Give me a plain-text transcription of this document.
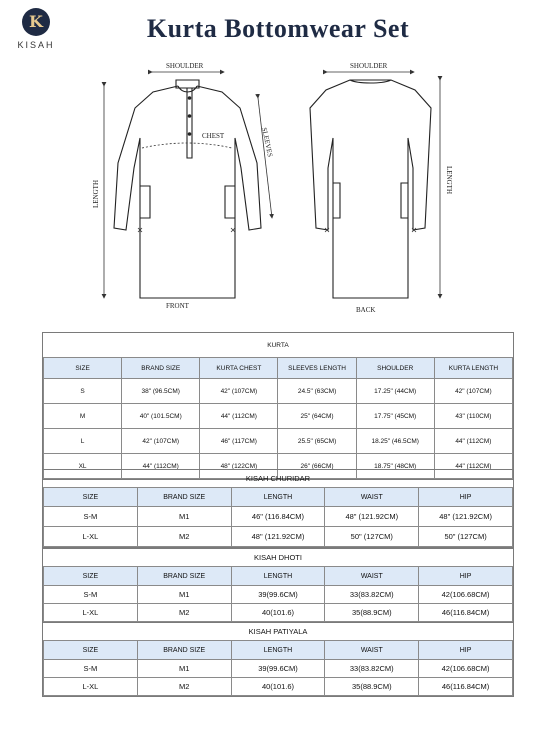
K
KISAH
Kurta Bottomwear Set
SHOULDER
CHEST	SLEEVES
LENGTH
FRONT
SHOULDER
LENGTH
BACK
KURTA					
SIZE	BRAND SIZE	KURTA CHEST	SLEEVES LENGTH	SHOULDER	KURTA LENGTH
S	38" (96.5CM)	42" (107CM)	24.5" (63CM)	17.25" (44CM)	42" (107CM)
M	40" (101.5CM)	44" (112CM)	25" (64CM)	17.75" (45CM)	43" (110CM)
L	42" (107CM)	46" (117CM)	25.5" (65CM)	18.25" (46.5CM)	44" (112CM)
XL	44" (112CM)	48" (122CM)	26" (66CM)	18.75" (48CM)	44" (112CM)
KISAH CHURIDAR				
SIZE	BRAND SIZE	LENGTH	WAIST	HIP
S-M	M1	46" (116.84CM)	48" (121.92CM)	48" (121.92CM)
L-XL	M2	48" (121.92CM)	50" (127CM)	50" (127CM)
KISAH DHOTI				
SIZE	BRAND SIZE	LENGTH	WAIST	HIP
S-M	M1	39(99.6CM)	33(83.82CM)	42(106.68CM)
L-XL	M2	40(101.6)	35(88.9CM)	46(116.84CM)
KISAH PATIYALA				
SIZE	BRAND SIZE	LENGTH	WAIST	HIP
S-M	M1	39(99.6CM)	33(83.82CM)	42(106.68CM)
L-XL	M2	40(101.6)	35(88.9CM)	46(116.84CM)
